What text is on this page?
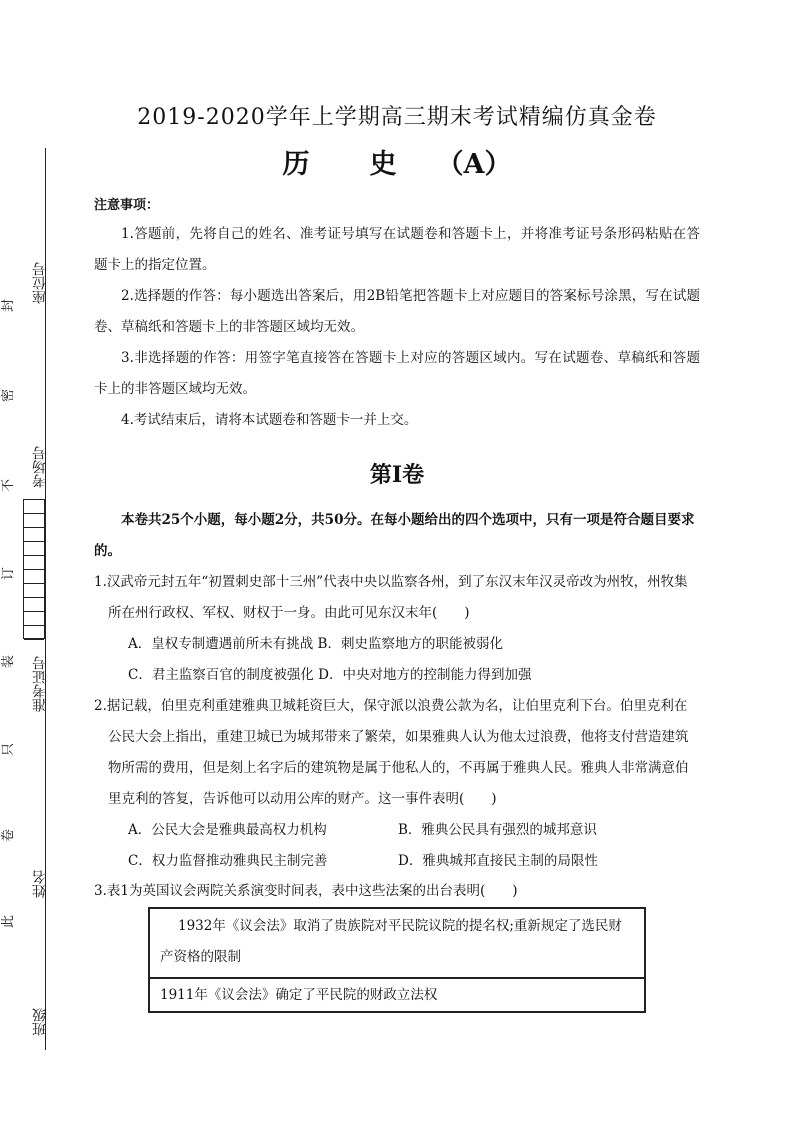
座位号
考场号
准考证号
姓名
班级
封
密
不
订
装
只
卷
此
2019-2020学年上学期高三期末考试精编仿真金卷
历 史 （A）
注意事项：
1.答题前，先将自己的姓名、准考证号填写在试题卷和答题卡上，并将准考证号条形码粘贴在答题卡上的指定位置。
2.选择题的作答：每小题选出答案后，用2B铅笔把答题卡上对应题目的答案标号涂黑，写在试题卷、草稿纸和答题卡上的非答题区域均无效。
3.非选择题的作答：用签字笔直接答在答题卡上对应的答题区域内。写在试题卷、草稿纸和答题卡上的非答题区域均无效。
4.考试结束后，请将本试题卷和答题卡一并上交。
第Ⅰ卷
本卷共25个小题，每小题2分，共50分。在每小题给出的四个选项中，只有一项是符合题目要求的。
1.汉武帝元封五年“初置刺史部十三州”代表中央以监察各州，到了东汉末年汉灵帝改为州牧，州牧集所在州行政权、军权、财权于一身。由此可见东汉末年(　　)
A．皇权专制遭遇前所未有挑战 B．刺史监察地方的职能被弱化
C．君主监察百官的制度被强化 D．中央对地方的控制能力得到加强
2.据记载，伯里克利重建雅典卫城耗资巨大，保守派以浪费公款为名，让伯里克利下台。伯里克利在公民大会上指出，重建卫城已为城邦带来了繁荣，如果雅典人认为他太过浪费，他将支付营造建筑物所需的费用，但是刻上名字后的建筑物是属于他私人的，不再属于雅典人民。雅典人非常满意伯里克利的答复，告诉他可以动用公库的财产。这一事件表明(　　)
A．公民大会是雅典最高权力机构	B．雅典公民具有强烈的城邦意识
C．权力监督推动雅典民主制完善	D．雅典城邦直接民主制的局限性
3.表1为英国议会两院关系演变时间表，表中这些法案的出台表明(　　)
1932年《议会法》取消了贵族院对平民院议院的提名权;重新规定了选民财产资格的限制
1911年《议会法》确定了平民院的财政立法权
